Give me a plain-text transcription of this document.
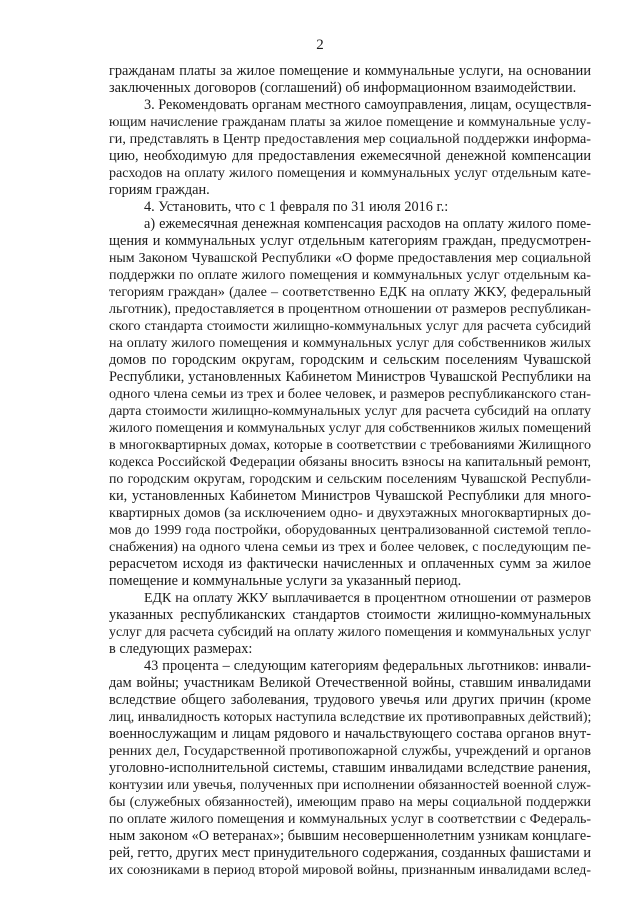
2
гражданам платы за жилое помещение и коммунальные услуги, на основании
заключенных договоров (соглашений) об информационном взаимодействии.
3. Рекомендовать органам местного самоуправления, лицам, осуществля-
ющим начисление гражданам платы за жилое помещение и коммунальные услу-
ги, представлять в Центр предоставления мер социальной поддержки информа-
цию, необходимую для предоставления ежемесячной денежной компенсации
расходов на оплату жилого помещения и коммунальных услуг отдельным кате-
гориям граждан.
4. Установить, что с 1 февраля по 31 июля 2016 г.:
а) ежемесячная денежная компенсация расходов на оплату жилого поме-
щения и коммунальных услуг отдельным категориям граждан, предусмотрен-
ным Законом Чувашской Республики «О форме предоставления мер социальной
поддержки по оплате жилого помещения и коммунальных услуг отдельным ка-
тегориям граждан» (далее – соответственно ЕДК на оплату ЖКУ, федеральный
льготник), предоставляется в процентном отношении от размеров республикан-
ского стандарта стоимости жилищно-коммунальных услуг для расчета субсидий
на оплату жилого помещения и коммунальных услуг для собственников жилых
домов по городским округам, городским и сельским поселениям Чувашской
Республики, установленных Кабинетом Министров Чувашской Республики на
одного члена семьи из трех и более человек, и размеров республиканского стан-
дарта стоимости жилищно-коммунальных услуг для расчета субсидий на оплату
жилого помещения и коммунальных услуг для собственников жилых помещений
в многоквартирных домах, которые в соответствии с требованиями Жилищного
кодекса Российской Федерации обязаны вносить взносы на капитальный ремонт,
по городским округам, городским и сельским поселениям Чувашской Республи-
ки, установленных Кабинетом Министров Чувашской Республики для много-
квартирных домов (за исключением одно- и двухэтажных многоквартирных до-
мов до 1999 года постройки, оборудованных централизованной системой тепло-
снабжения) на одного члена семьи из трех и более человек, с последующим пе-
рерасчетом исходя из фактически начисленных и оплаченных сумм за жилое
помещение и коммунальные услуги за указанный период.
ЕДК на оплату ЖКУ выплачивается в процентном отношении от размеров
указанных республиканских стандартов стоимости жилищно-коммунальных
услуг для расчета субсидий на оплату жилого помещения и коммунальных услуг
в следующих размерах:
43 процента – следующим категориям федеральных льготников: инвали-
дам войны; участникам Великой Отечественной войны, ставшим инвалидами
вследствие общего заболевания, трудового увечья или других причин (кроме
лиц, инвалидность которых наступила вследствие их противоправных действий);
военнослужащим и лицам рядового и начальствующего состава органов внут-
ренних дел, Государственной противопожарной службы, учреждений и органов
уголовно-исполнительной системы, ставшим инвалидами вследствие ранения,
контузии или увечья, полученных при исполнении обязанностей военной служ-
бы (служебных обязанностей), имеющим право на меры социальной поддержки
по оплате жилого помещения и коммунальных услуг в соответствии с Федераль-
ным законом «О ветеранах»; бывшим несовершеннолетним узникам концлаге-
рей, гетто, других мест принудительного содержания, созданных фашистами и
их союзниками в период второй мировой войны, признанным инвалидами вслед-
